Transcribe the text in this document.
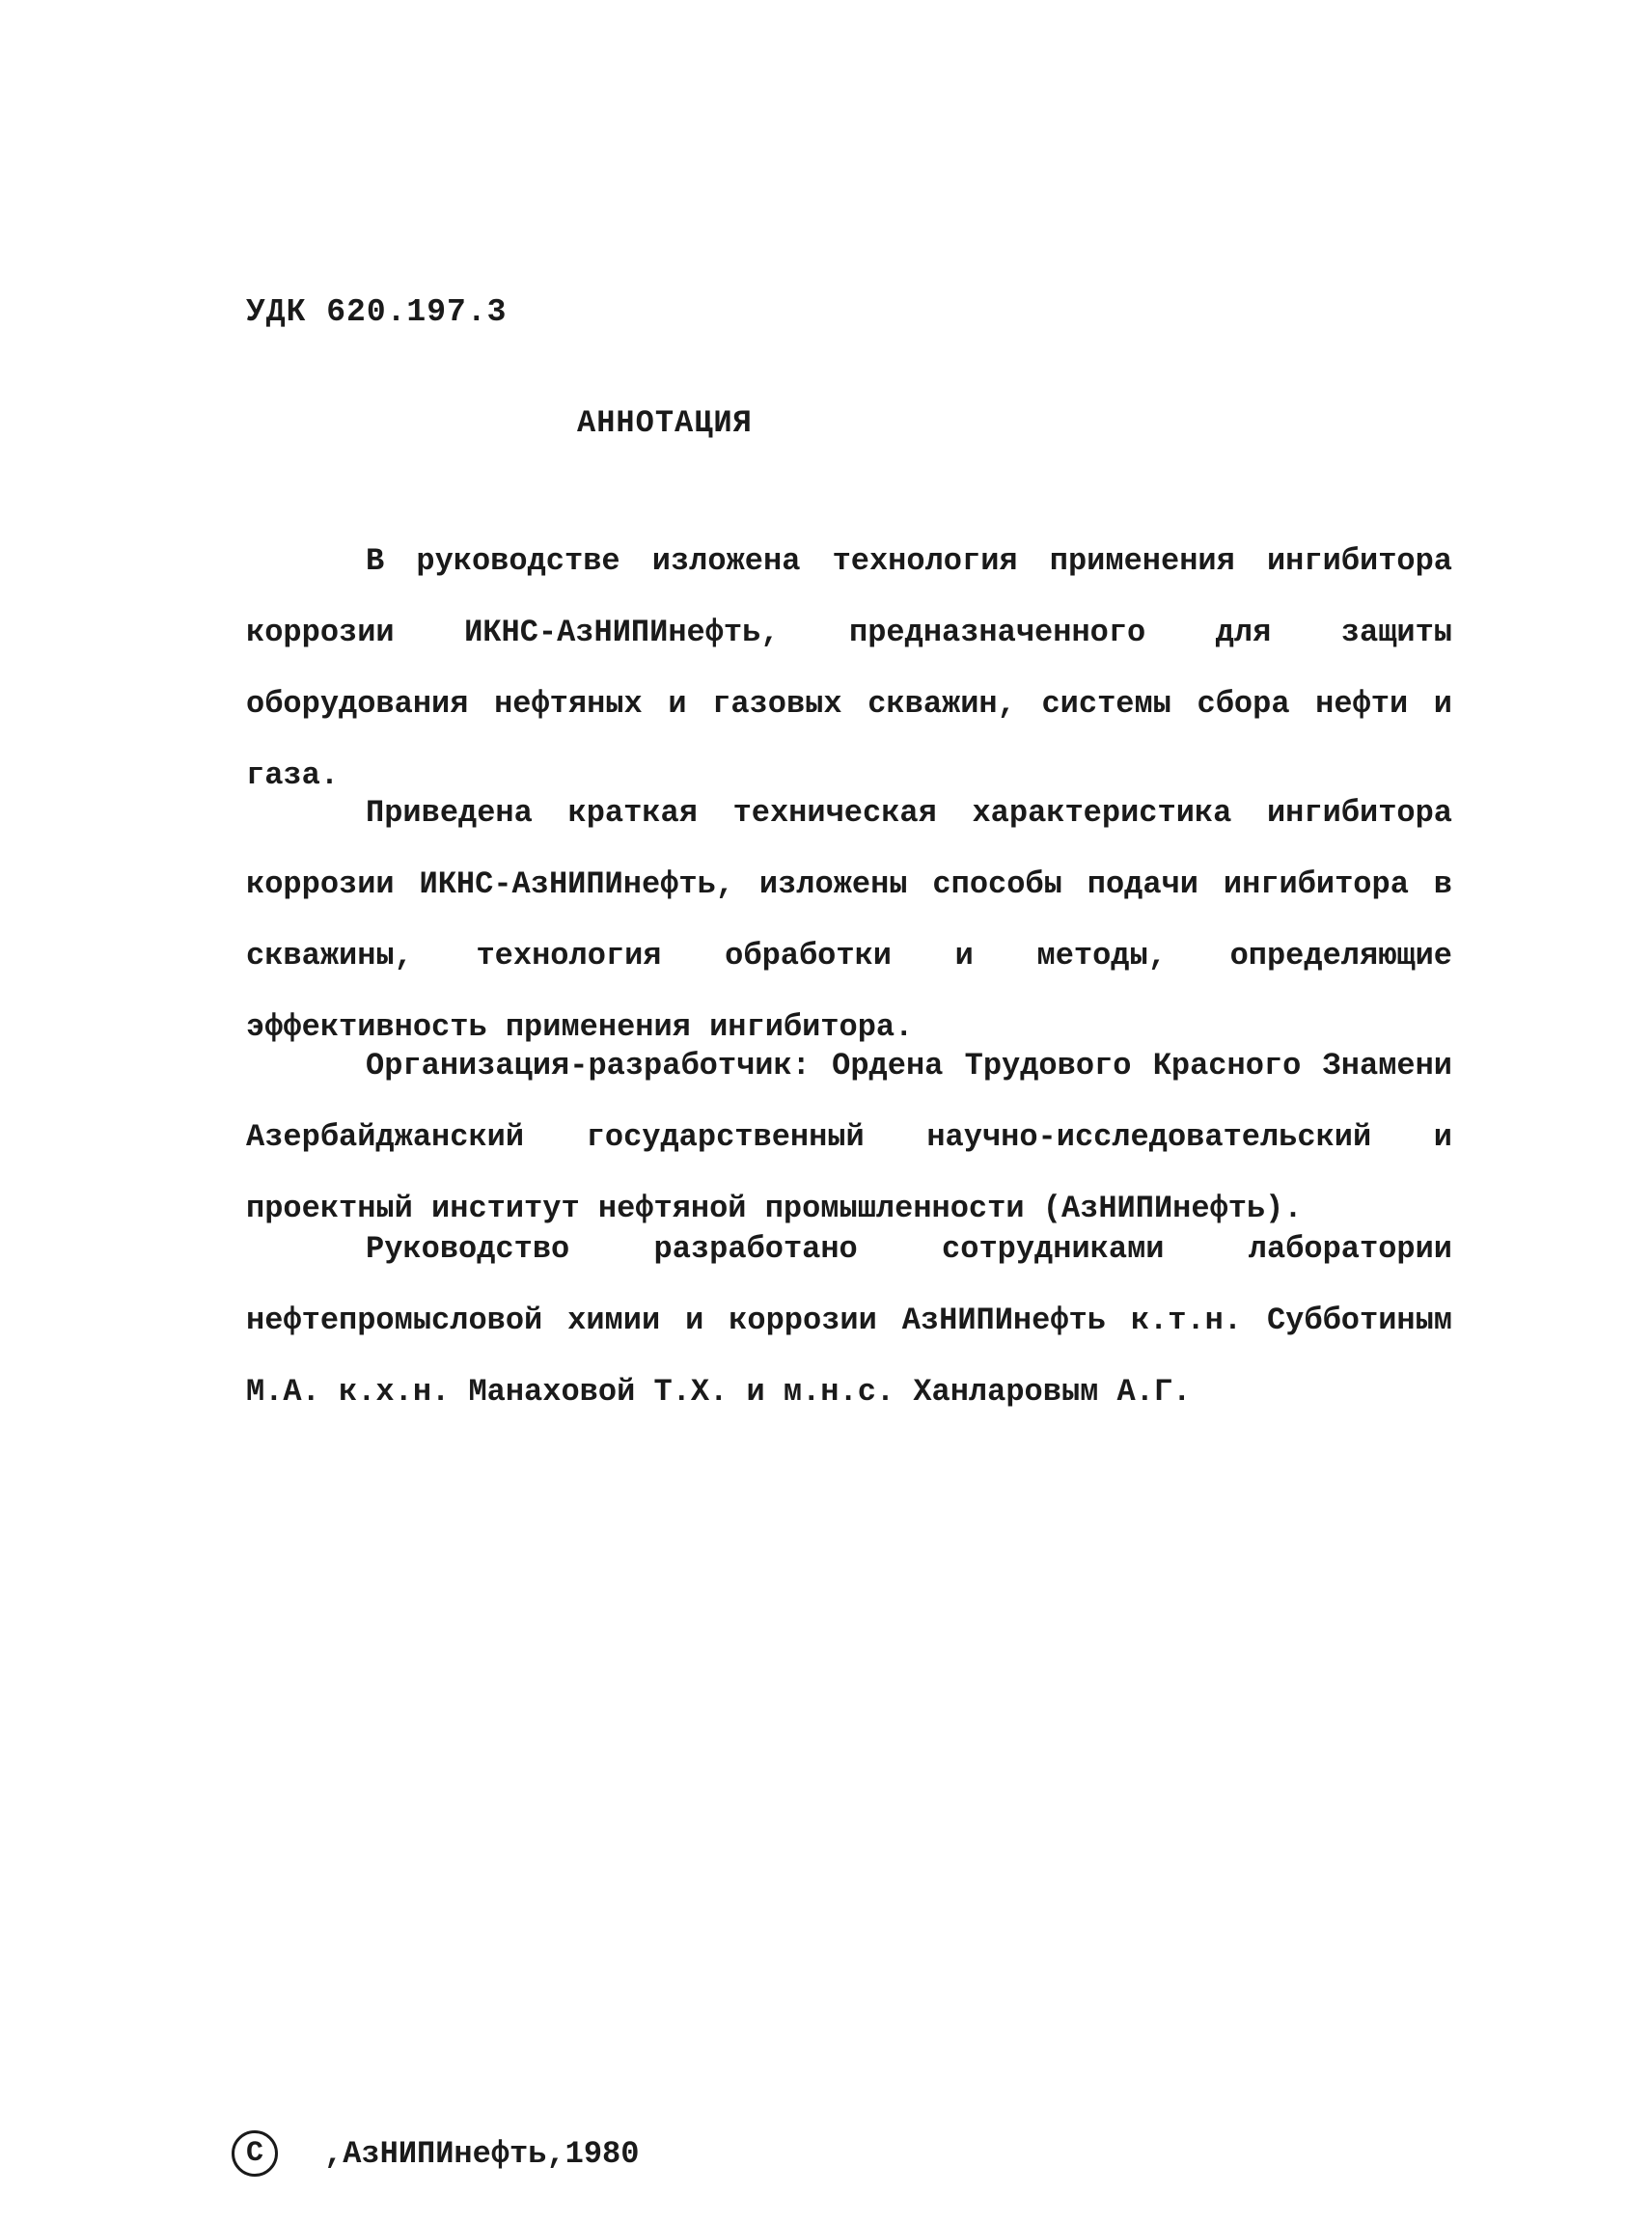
УДК 620.197.3
АННОТАЦИЯ

В руководстве изложена технология применения ингибитора коррозии ИКНС-АзНИПИнефть, предназначенного для защиты оборудования нефтяных и газовых скважин, системы сбора нефти и газа.

Приведена краткая техническая характеристика ингибитора коррозии ИКНС-АзНИПИнефть, изложены способы подачи ингибитора в скважины, технология обработки и методы, определяющие эффективность применения ингибитора.

Организация-разработчик: Ордена Трудового Красного Знамени Азербайджанский государственный научно-исследовательский и проектный институт нефтяной промышленности (АзНИПИнефть).

Руководство разработано сотрудниками лаборатории нефтепромысловой химии и коррозии АзНИПИнефть к.т.н. Субботиным М.А. к.х.н. Манаховой Т.Х. и м.н.с. Ханларовым А.Г.

C	,АзНИПИнефть,1980
